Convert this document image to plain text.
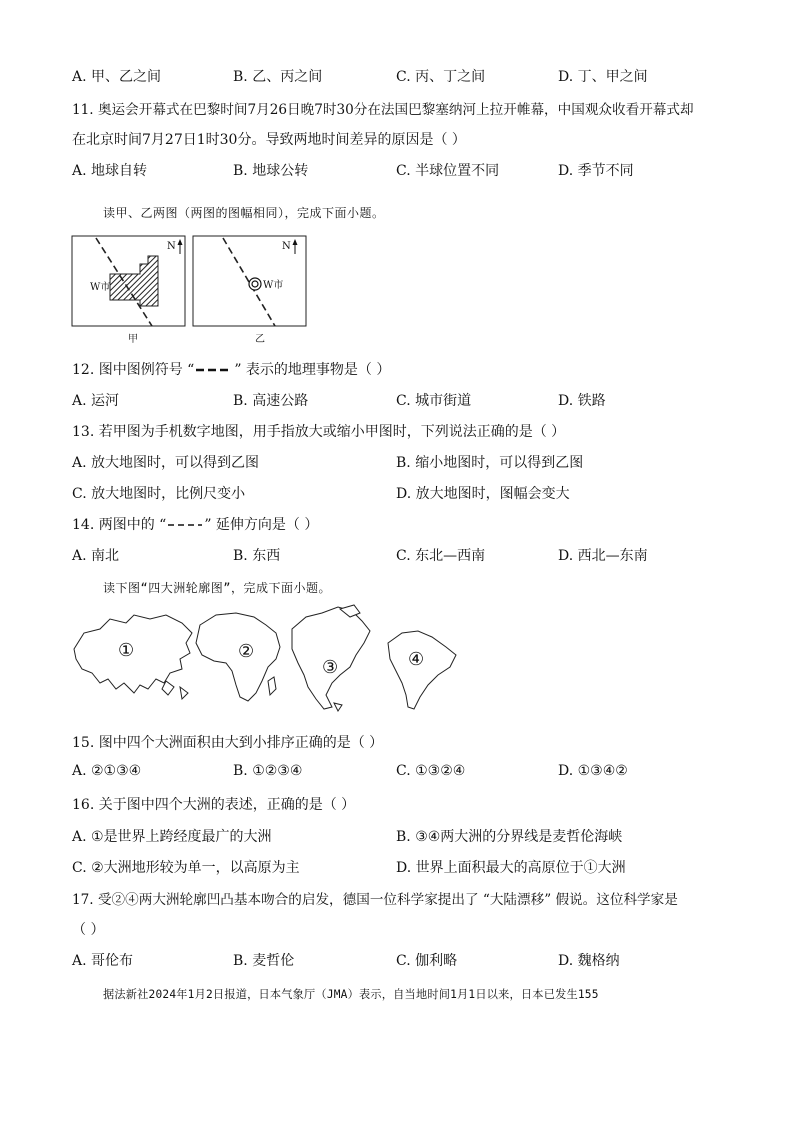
A. 甲、乙之间	B. 乙、丙之间	C. 丙、丁之间	D. 丁、甲之间
11. 奥运会开幕式在巴黎时间7月26日晚7时30分在法国巴黎塞纳河上拉开帷幕，中国观众收看开幕式却
在北京时间7月27日1时30分。导致两地时间差异的原因是（ ）
A. 地球自转	B. 地球公转	C. 半球位置不同	D. 季节不同
读甲、乙两图（两图的图幅相同），完成下面小题。
W市
N
甲
W市
N
乙
12. 图中图例符号 “	” 表示的地理事物是（ ）
A. 运河	B. 高速公路	C. 城市街道	D. 铁路
13. 若甲图为手机数字地图，用手指放大或缩小甲图时，下列说法正确的是（ ）
A. 放大地图时，可以得到乙图	B. 缩小地图时，可以得到乙图
C. 放大地图时，比例尺变小	D. 放大地图时，图幅会变大
14. 两图中的 “	” 延伸方向是（ ）
A. 南北	B. 东西	C. 东北—西南	D. 西北—东南
读下图“四大洲轮廓图”，完成下面小题。
①	②
③	④
15. 图中四个大洲面积由大到小排序正确的是（ ）
A. ②①③④	B. ①②③④	C. ①③②④	D. ①③④②
16. 关于图中四个大洲的表述，正确的是（ ）
A. ①是世界上跨经度最广的大洲	B. ③④两大洲的分界线是麦哲伦海峡
C. ②大洲地形较为单一，以高原为主	D. 世界上面积最大的高原位于①大洲
17. 受②④两大洲轮廓凹凸基本吻合的启发，德国一位科学家提出了 “大陆漂移” 假说。这位科学家是
（ ）
A. 哥伦布	B. 麦哲伦	C. 伽利略	D. 魏格纳
据法新社2024年1月2日报道，日本气象厅（JMA）表示，自当地时间1月1日以来，日本已发生155
